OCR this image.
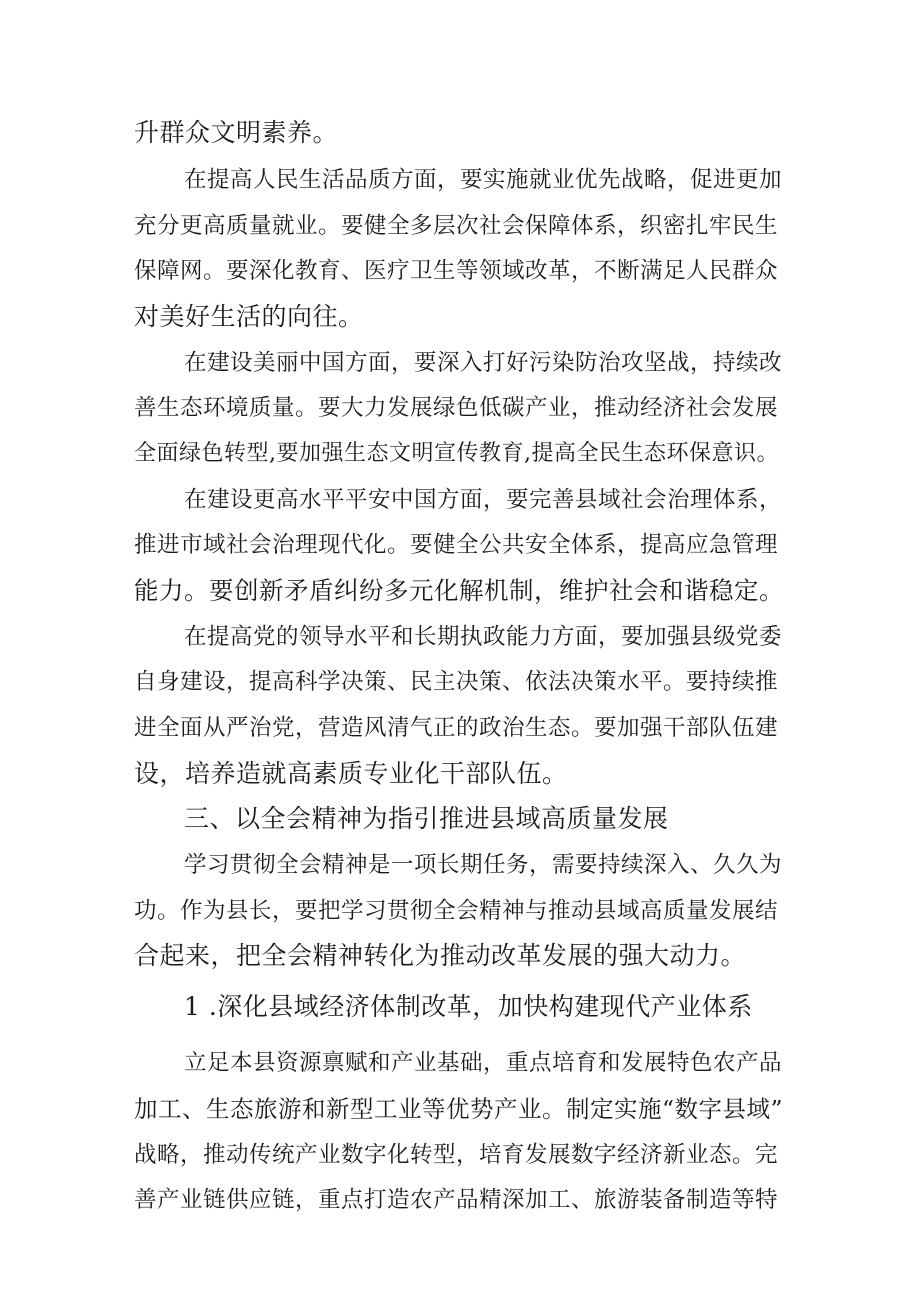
升群众文明素养。
在提高人民生活品质方面，要实施就业优先战略，促进更加
充分更高质量就业。要健全多层次社会保障体系，织密扎牢民生
保障网。要深化教育、医疗卫生等领域改革，不断满足人民群众
对美好生活的向往。
在建设美丽中国方面，要深入打好污染防治攻坚战，持续改
善生态环境质量。要大力发展绿色低碳产业，推动经济社会发展
全面绿色转型,要加强生态文明宣传教育,提高全民生态环保意识。
在建设更高水平平安中国方面，要完善县域社会治理体系，
推进市域社会治理现代化。要健全公共安全体系，提高应急管理
能力。要创新矛盾纠纷多元化解机制，维护社会和谐稳定。
在提高党的领导水平和长期执政能力方面，要加强县级党委
自身建设，提高科学决策、民主决策、依法决策水平。要持续推
进全面从严治党，营造风清气正的政治生态。要加强干部队伍建
设，培养造就高素质专业化干部队伍。
三、以全会精神为指引推进县域高质量发展
学习贯彻全会精神是一项长期任务，需要持续深入、久久为
功。作为县长，要把学习贯彻全会精神与推动县域高质量发展结
合起来，把全会精神转化为推动改革发展的强大动力。
1 .深化县域经济体制改革，加快构建现代产业体系
立足本县资源禀赋和产业基础，重点培育和发展特色农产品
加工、生态旅游和新型工业等优势产业。制定实施“数字县域”
战略，推动传统产业数字化转型，培育发展数字经济新业态。完
善产业链供应链，重点打造农产品精深加工、旅游装备制造等特
